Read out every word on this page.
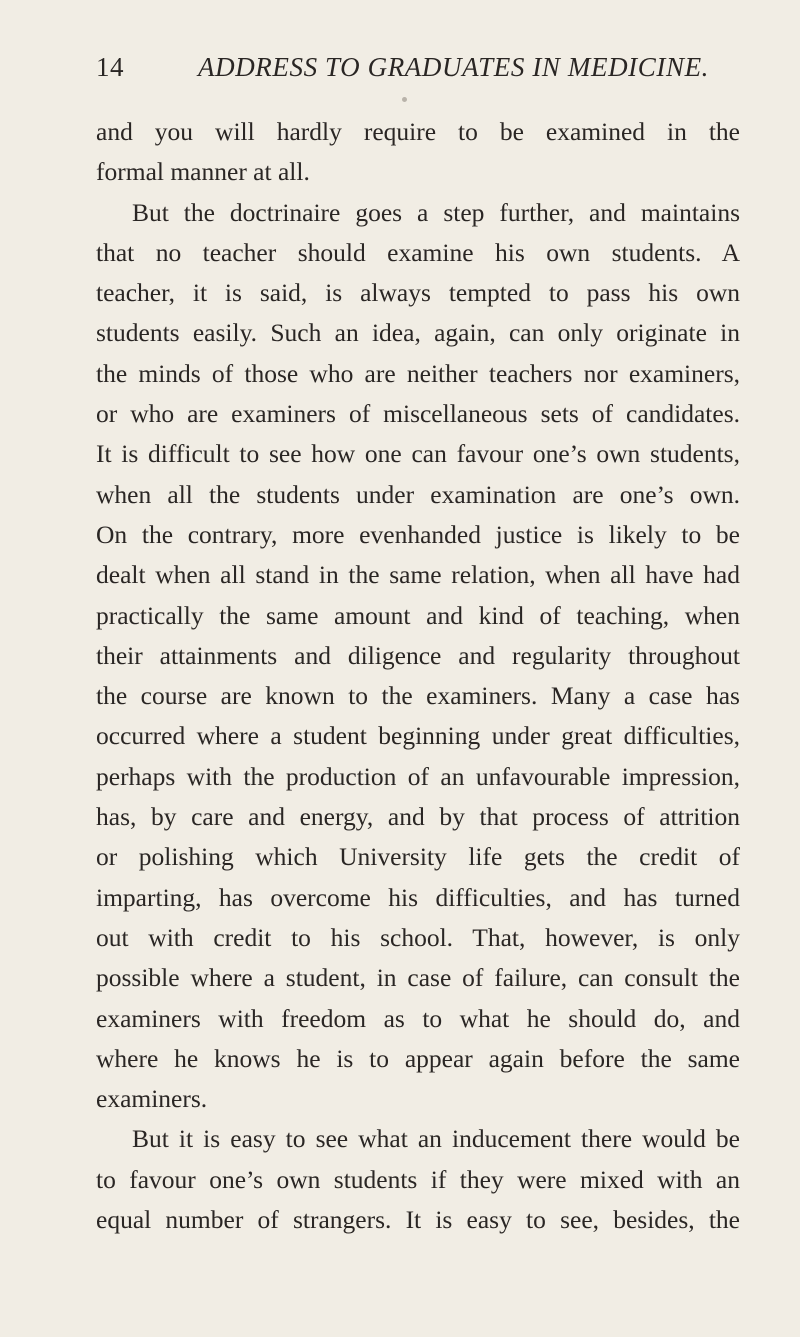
14	ADDRESS TO GRADUATES IN MEDICINE.
and you will hardly require to be examined in the
formal manner at all.
But the doctrinaire goes a step further, and maintains
that no teacher should examine his own students. A
teacher, it is said, is always tempted to pass his own
students easily. Such an idea, again, can only originate in
the minds of those who are neither teachers nor examiners,
or who are examiners of miscellaneous sets of candidates.
It is difficult to see how one can favour one’s own students,
when all the students under examination are one’s own.
On the contrary, more evenhanded justice is likely to be
dealt when all stand in the same relation, when all have had
practically the same amount and kind of teaching, when
their attainments and diligence and regularity throughout
the course are known to the examiners. Many a case has
occurred where a student beginning under great difficulties,
perhaps with the production of an unfavourable impression,
has, by care and energy, and by that process of attrition
or polishing which University life gets the credit of
imparting, has overcome his difficulties, and has turned
out with credit to his school. That, however, is only
possible where a student, in case of failure, can consult the
examiners with freedom as to what he should do, and
where he knows he is to appear again before the same
examiners.
But it is easy to see what an inducement there would be
to favour one’s own students if they were mixed with an
equal number of strangers. It is easy to see, besides, the
